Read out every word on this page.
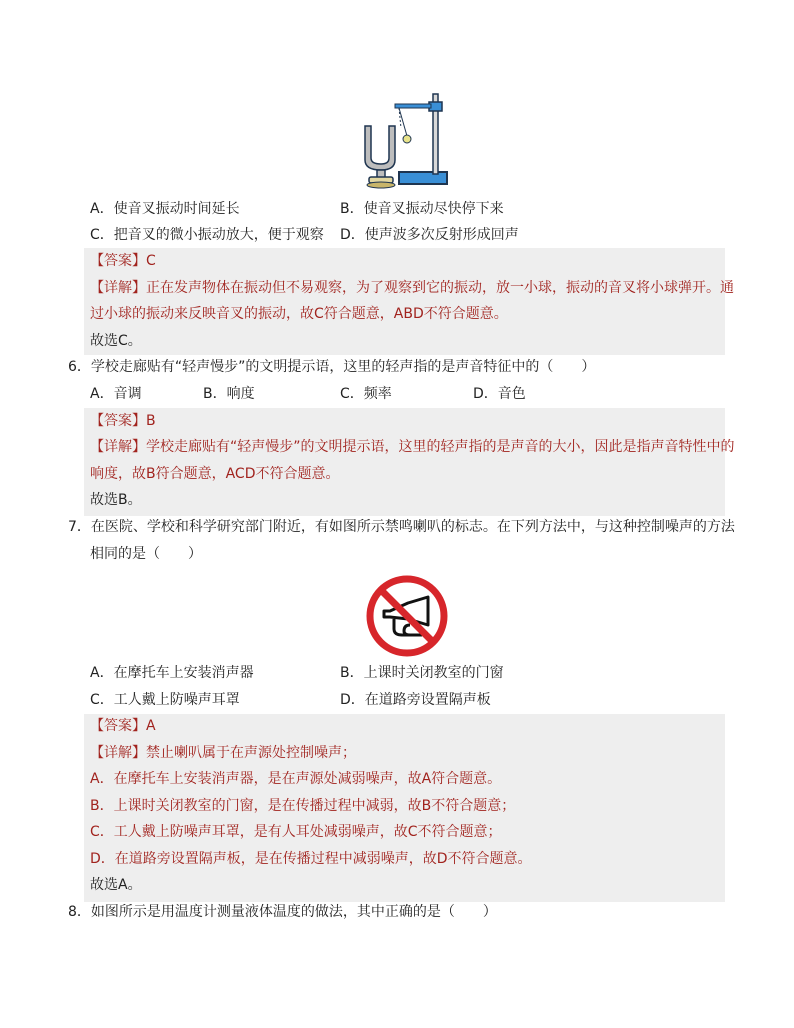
A．使音叉振动时间延长	B．使音叉振动尽快停下来
C．把音叉的微小振动放大，便于观察 D．使声波多次反射形成回声
【答案】C
【详解】正在发声物体在振动但不易观察，为了观察到它的振动，放一小球，振动的音叉将小球弹开。通
过小球的振动来反映音叉的振动，故C符合题意，ABD不符合题意。
故选C。
6．学校走廊贴有“轻声慢步”的文明提示语，这里的轻声指的是声音特征中的（　　）
A．音调	B．响度	C．频率	D．音色
【答案】B
【详解】学校走廊贴有“轻声慢步”的文明提示语，这里的轻声指的是声音的大小，因此是指声音特性中的
响度，故B符合题意，ACD不符合题意。
故选B。
7．在医院、学校和科学研究部门附近，有如图所示禁鸣喇叭的标志。在下列方法中，与这种控制噪声的方法
相同的是（　　）
A．在摩托车上安装消声器	B．上课时关闭教室的门窗
C．工人戴上防噪声耳罩	D．在道路旁设置隔声板
【答案】A
【详解】禁止喇叭属于在声源处控制噪声；
A．在摩托车上安装消声器，是在声源处减弱噪声，故A符合题意。
B．上课时关闭教室的门窗，是在传播过程中减弱，故B不符合题意；
C．工人戴上防噪声耳罩，是有人耳处减弱噪声，故C不符合题意；
D．在道路旁设置隔声板，是在传播过程中减弱噪声，故D不符合题意。
故选A。
8．如图所示是用温度计测量液体温度的做法，其中正确的是（　　）
